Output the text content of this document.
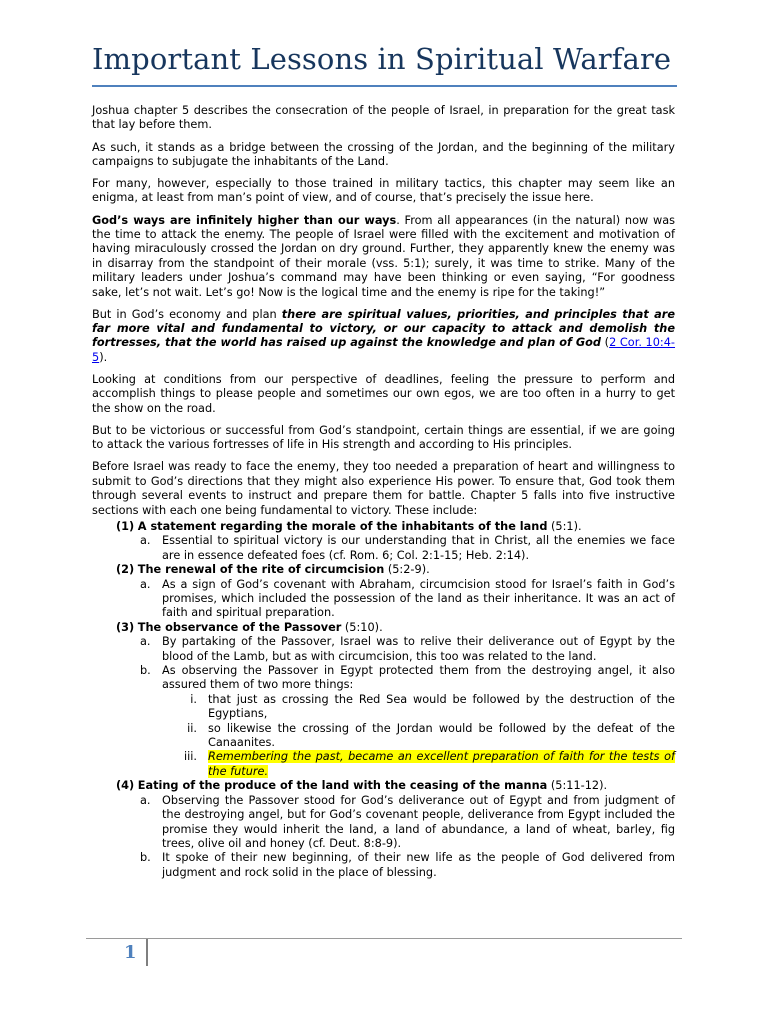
Important Lessons in Spiritual Warfare

Joshua chapter 5 describes the consecration of the people of Israel, in preparation for the great task that lay before them.

As such, it stands as a bridge between the crossing of the Jordan, and the beginning of the military campaigns to subjugate the inhabitants of the Land.

For many, however, especially to those trained in military tactics, this chapter may seem like an enigma, at least from man’s point of view, and of course, that’s precisely the issue here.

God’s ways are infinitely higher than our ways. From all appearances (in the natural) now was the time to attack the enemy. The people of Israel were filled with the excitement and motivation of having miraculously crossed the Jordan on dry ground. Further, they apparently knew the enemy was in disarray from the standpoint of their morale (vss. 5:1); surely, it was time to strike. Many of the military leaders under Joshua’s command may have been thinking or even saying, “For goodness sake, let’s not wait. Let’s go! Now is the logical time and the enemy is ripe for the taking!”

But in God’s economy and plan there are spiritual values, priorities, and principles that are far more vital and fundamental to victory, or our capacity to attack and demolish the fortresses, that the world has raised up against the knowledge and plan of God (2 Cor. 10:4-5).

Looking at conditions from our perspective of deadlines, feeling the pressure to perform and accomplish things to please people and sometimes our own egos, we are too often in a hurry to get the show on the road.

But to be victorious or successful from God’s standpoint, certain things are essential, if we are going to attack the various fortresses of life in His strength and according to His principles.

Before Israel was ready to face the enemy, they too needed a preparation of heart and willingness to submit to God’s directions that they might also experience His power. To ensure that, God took them through several events to instruct and prepare them for battle. Chapter 5 falls into five instructive sections with each one being fundamental to victory. These include:

(1) A statement regarding the morale of the inhabitants of the land (5:1).
a. Essential to spiritual victory is our understanding that in Christ, all the enemies we face are in essence defeated foes (cf. Rom. 6; Col. 2:1-15; Heb. 2:14).
(2) The renewal of the rite of circumcision (5:2-9).
a. As a sign of God’s covenant with Abraham, circumcision stood for Israel’s faith in God’s promises, which included the possession of the land as their inheritance. It was an act of faith and spiritual preparation.
(3) The observance of the Passover (5:10).
a. By partaking of the Passover, Israel was to relive their deliverance out of Egypt by the blood of the Lamb, but as with circumcision, this too was related to the land.
b. As observing the Passover in Egypt protected them from the destroying angel, it also assured them of two more things:
i. that just as crossing the Red Sea would be followed by the destruction of the Egyptians,
ii. so likewise the crossing of the Jordan would be followed by the defeat of the Canaanites.
iii. Remembering the past, became an excellent preparation of faith for the tests of the future.
(4) Eating of the produce of the land with the ceasing of the manna (5:11-12).
a. Observing the Passover stood for God’s deliverance out of Egypt and from judgment of the destroying angel, but for God’s covenant people, deliverance from Egypt included the promise they would inherit the land, a land of abundance, a land of wheat, barley, fig trees, olive oil and honey (cf. Deut. 8:8-9).
b. It spoke of their new beginning, of their new life as the people of God delivered from judgment and rock solid in the place of blessing.
1
